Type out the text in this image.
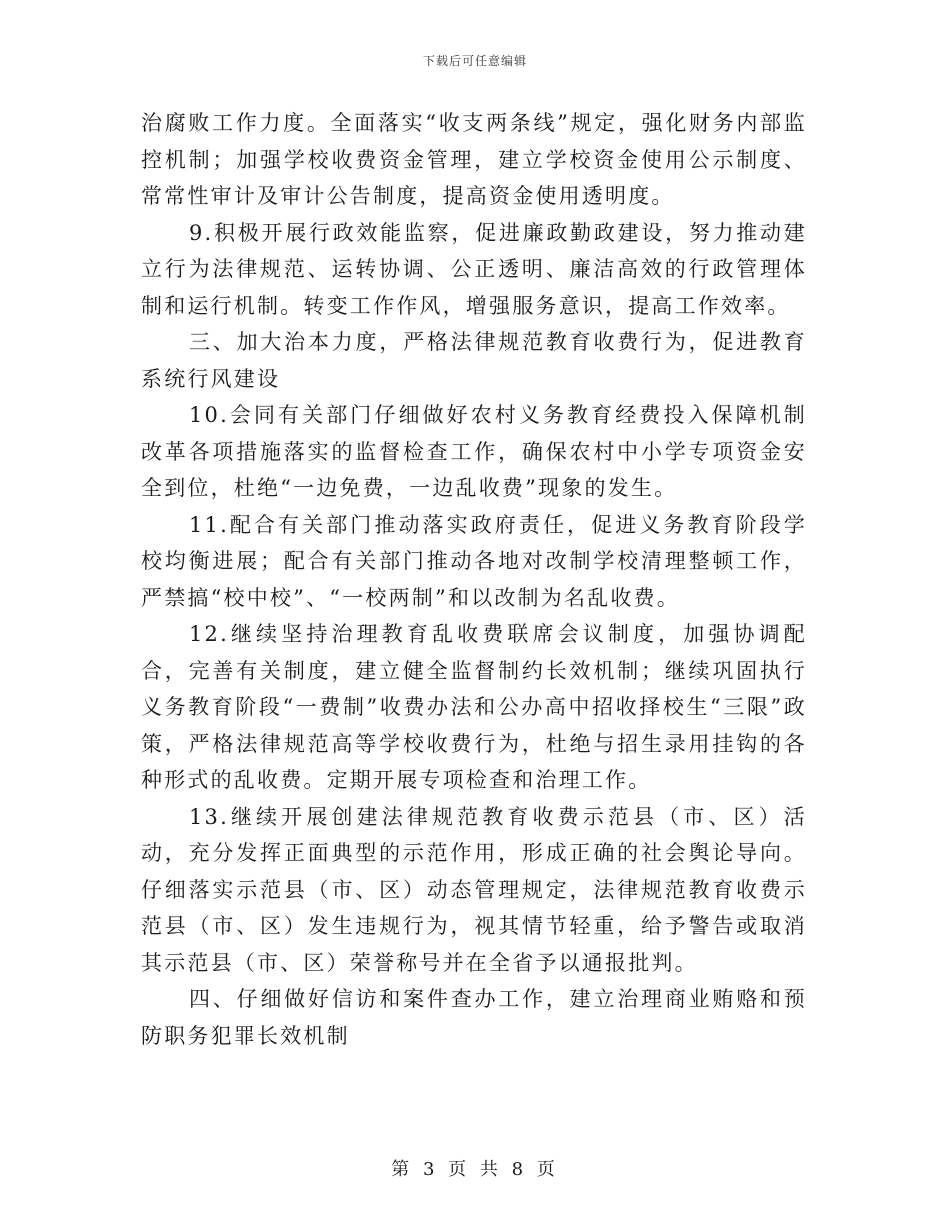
下载后可任意编辑

治腐败工作力度。全面落实“收支两条线”规定，强化财务内部监控机制；加强学校收费资金管理，建立学校资金使用公示制度、常常性审计及审计公告制度，提高资金使用透明度。

9.积极开展行政效能监察，促进廉政勤政建设，努力推动建立行为法律规范、运转协调、公正透明、廉洁高效的行政管理体制和运行机制。转变工作作风，增强服务意识，提高工作效率。

三、加大治本力度，严格法律规范教育收费行为，促进教育系统行风建设

10.会同有关部门仔细做好农村义务教育经费投入保障机制改革各项措施落实的监督检查工作，确保农村中小学专项资金安全到位，杜绝“一边免费，一边乱收费”现象的发生。

11.配合有关部门推动落实政府责任，促进义务教育阶段学校均衡进展；配合有关部门推动各地对改制学校清理整顿工作，严禁搞“校中校”、“一校两制”和以改制为名乱收费。

12.继续坚持治理教育乱收费联席会议制度，加强协调配合，完善有关制度，建立健全监督制约长效机制；继续巩固执行义务教育阶段“一费制”收费办法和公办高中招收择校生“三限”政策，严格法律规范高等学校收费行为，杜绝与招生录用挂钩的各种形式的乱收费。定期开展专项检查和治理工作。

13.继续开展创建法律规范教育收费示范县（市、区）活动，充分发挥正面典型的示范作用，形成正确的社会舆论导向。仔细落实示范县（市、区）动态管理规定，法律规范教育收费示范县（市、区）发生违规行为，视其情节轻重，给予警告或取消其示范县（市、区）荣誉称号并在全省予以通报批判。

四、仔细做好信访和案件查办工作，建立治理商业贿赂和预防职务犯罪长效机制

第 3 页 共 8 页
